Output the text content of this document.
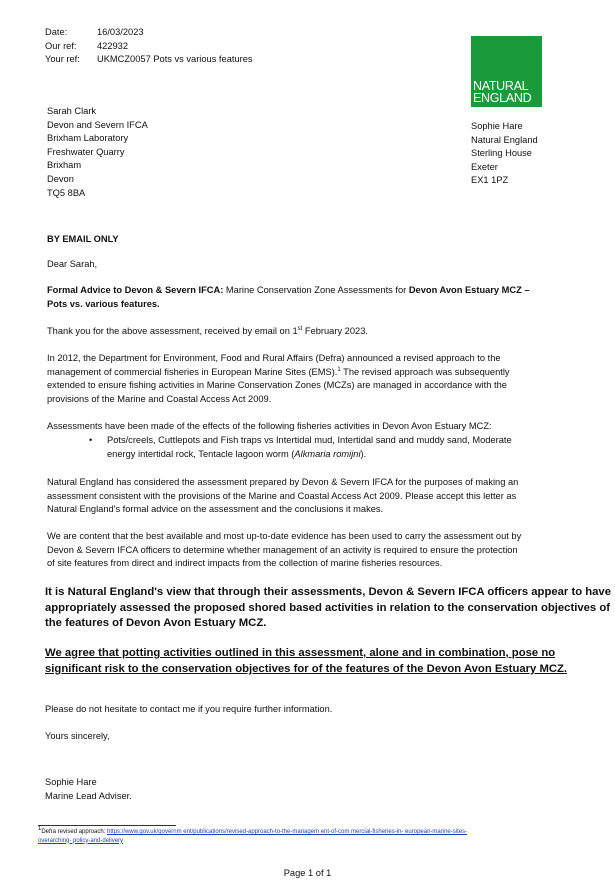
Date:	16/03/2023
Our ref:	422932
Your ref:	UKMCZ0057 Pots vs various features
NATURAL
ENGLAND
Sarah Clark
Devon and Severn IFCA
Brixham Laboratory
Freshwater Quarry
Brixham
Devon
TQ5 8BA
Sophie Hare
Natural England
Sterling House
Exeter
EX1 1PZ
BY EMAIL ONLY
Dear Sarah,
Formal Advice to Devon & Severn IFCA: Marine Conservation Zone Assessments for Devon Avon Estuary MCZ –
Pots vs. various features.
Thank you for the above assessment, received by email on 1st February 2023.
In 2012, the Department for Environment, Food and Rural Affairs (Defra) announced a revised approach to the
management of commercial fisheries in European Marine Sites (EMS).$^1$ The revised approach was subsequently
extended to ensure fishing activities in Marine Conservation Zones (MCZs) are managed in accordance with the
provisions of the Marine and Coastal Access Act 2009.
Assessments have been made of the effects of the following fisheries activities in Devon Avon Estuary MCZ:
• Pots/creels, Cuttlepots and Fish traps vs Intertidal mud, Intertidal sand and muddy sand, Moderate
energy intertidal rock, Tentacle lagoon worm (Alkmaria romijni).
Natural England has considered the assessment prepared by Devon & Severn IFCA for the purposes of making an
assessment consistent with the provisions of the Marine and Coastal Access Act 2009. Please accept this letter as
Natural England's formal advice on the assessment and the conclusions it makes.
We are content that the best available and most up-to-date evidence has been used to carry the assessment out by
Devon & Severn IFCA officers to determine whether management of an activity is required to ensure the protection
of site features from direct and indirect impacts from the collection of marine fisheries resources.
It is Natural England's view that through their assessments, Devon & Severn IFCA officers appear to have
appropriately assessed the proposed shored based activities in relation to the conservation objectives of
the features of Devon Avon Estuary MCZ.
We agree that potting activities outlined in this assessment, alone and in combination, pose no
significant risk to the conservation objectives for of the features of the Devon Avon Estuary MCZ.
Please do not hesitate to contact me if you require further information.
Yours sincerely,
Sophie Hare
Marine Lead Adviser.
$^1$Defra revised approach: https://www.gov.uk/governm ent/publications/revised-approach-to-the-managem ent-of-com mercial-fisheries-in- european-marine-sites-
overarching- policy-and-delivery
Page 1 of 1
